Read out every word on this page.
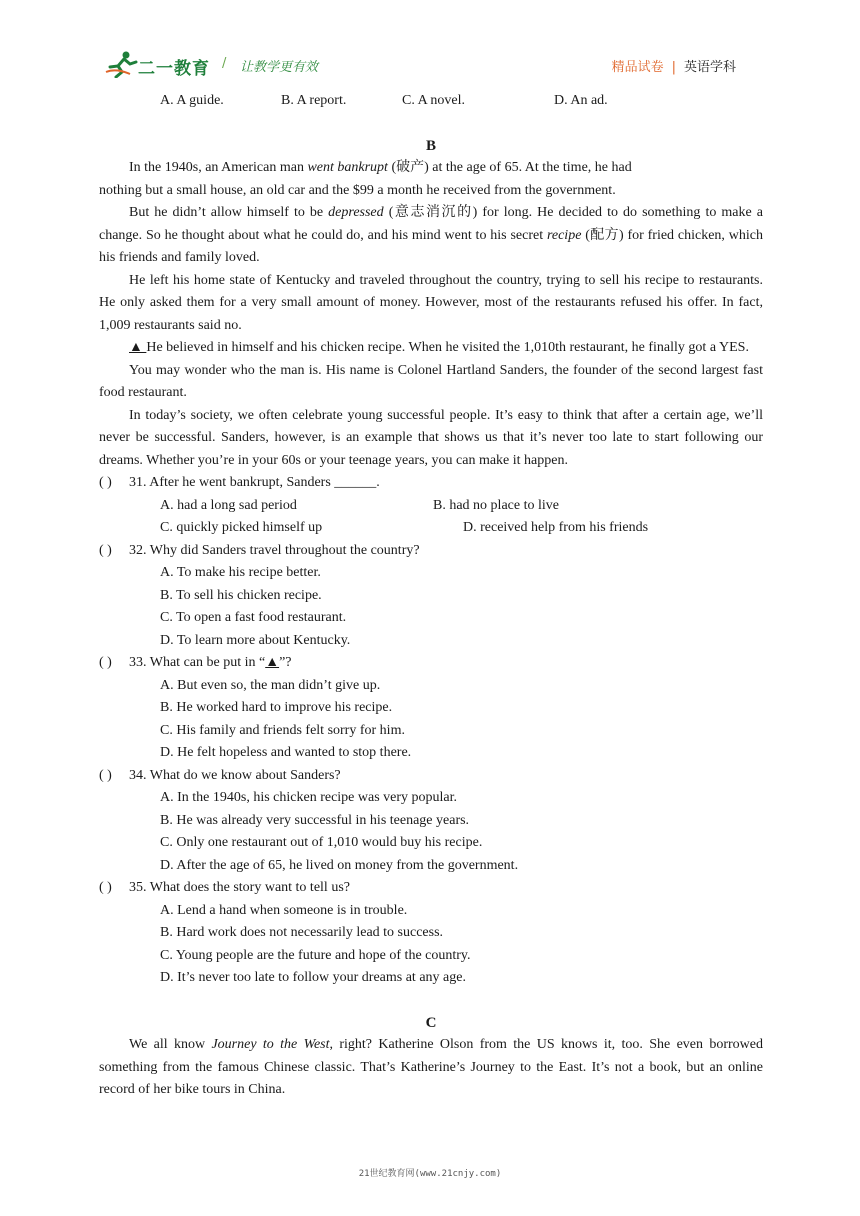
二一教育 / 让教学更有效	精品试卷 | 英语学科
A. A guide.	B. A report.	C. A novel.	D. An ad.
B

In the 1940s, an American man went bankrupt (破产) at the age of 65. At the time, he had

nothing but a small house, an old car and the $99 a month he received from the government.

But he didn’t allow himself to be depressed (意志消沉的) for long. He decided to do something to make a change. So he thought about what he could do, and his mind went to his secret recipe (配方) for fried chicken, which his friends and family loved.

He left his home state of Kentucky and traveled throughout the country, trying to sell his recipe to restaurants. He only asked them for a very small amount of money. However, most of the restaurants refused his offer. In fact, 1,009 restaurants said no.

▲ He believed in himself and his chicken recipe. When he visited the 1,010th restaurant, he finally got a YES.

You may wonder who the man is. His name is Colonel Hartland Sanders, the founder of the second largest fast food restaurant.

In today’s society, we often celebrate young successful people. It’s easy to think that after a certain age, we’ll never be successful. Sanders, however, is an example that shows us that it’s never too late to start following our dreams. Whether you’re in your 60s or your teenage years, you can make it happen.

( )	31. After he went bankrupt, Sanders ______.
A. had a long sad period	B. had no place to live
C. quickly picked himself up	D. received help from his friends
( )	32. Why did Sanders travel throughout the country?

A. To make his recipe better.

B. To sell his chicken recipe.

C. To open a fast food restaurant.

D. To learn more about Kentucky.

( )	33. What can be put in “▲”?

A. But even so, the man didn’t give up.

B. He worked hard to improve his recipe.

C. His family and friends felt sorry for him.

D. He felt hopeless and wanted to stop there.

( )	34. What do we know about Sanders?

A. In the 1940s, his chicken recipe was very popular.

B. He was already very successful in his teenage years.

C. Only one restaurant out of 1,010 would buy his recipe.

D. After the age of 65, he lived on money from the government.

( )	35. What does the story want to tell us?

A. Lend a hand when someone is in trouble.

B. Hard work does not necessarily lead to success.

C. Young people are the future and hope of the country.

D. It’s never too late to follow your dreams at any age.

C

We all know Journey to the West, right? Katherine Olson from the US knows it, too. She even borrowed something from the famous Chinese classic. That’s Katherine’s Journey to the East. It’s not a book, but an online record of her bike tours in China.

21世纪教育网(www.21cnjy.com)
